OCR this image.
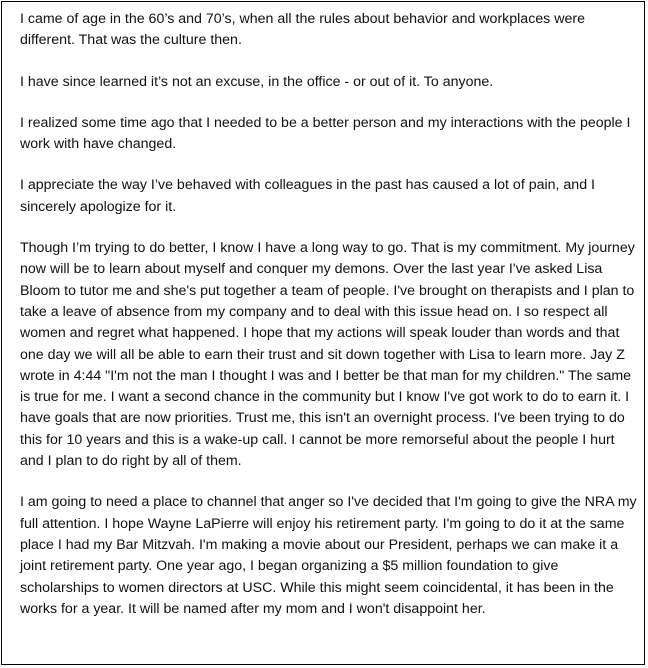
I came of age in the 60’s and 70’s, when all the rules about behavior and workplaces were different. That was the culture then.

I have since learned it’s not an excuse, in the office - or out of it. To anyone.

I realized some time ago that I needed to be a better person and my interactions with the people I work with have changed.

I appreciate the way I’ve behaved with colleagues in the past has caused a lot of pain, and I sincerely apologize for it.

Though I’m trying to do better, I know I have a long way to go. That is my commitment. My journey now will be to learn about myself and conquer my demons. Over the last year I've asked Lisa Bloom to tutor me and she's put together a team of people. I've brought on therapists and I plan to take a leave of absence from my company and to deal with this issue head on. I so respect all women and regret what happened. I hope that my actions will speak louder than words and that one day we will all be able to earn their trust and sit down together with Lisa to learn more. Jay Z wrote in 4:44 "I'm not the man I thought I was and I better be that man for my children." The same is true for me. I want a second chance in the community but I know I've got work to do to earn it. I have goals that are now priorities. Trust me, this isn't an overnight process. I've been trying to do this for 10 years and this is a wake-up call. I cannot be more remorseful about the people I hurt and I plan to do right by all of them.

I am going to need a place to channel that anger so I've decided that I'm going to give the NRA my full attention. I hope Wayne LaPierre will enjoy his retirement party. I'm going to do it at the same place I had my Bar Mitzvah. I'm making a movie about our President, perhaps we can make it a joint retirement party. One year ago, I began organizing a $5 million foundation to give scholarships to women directors at USC. While this might seem coincidental, it has been in the works for a year. It will be named after my mom and I won't disappoint her.
